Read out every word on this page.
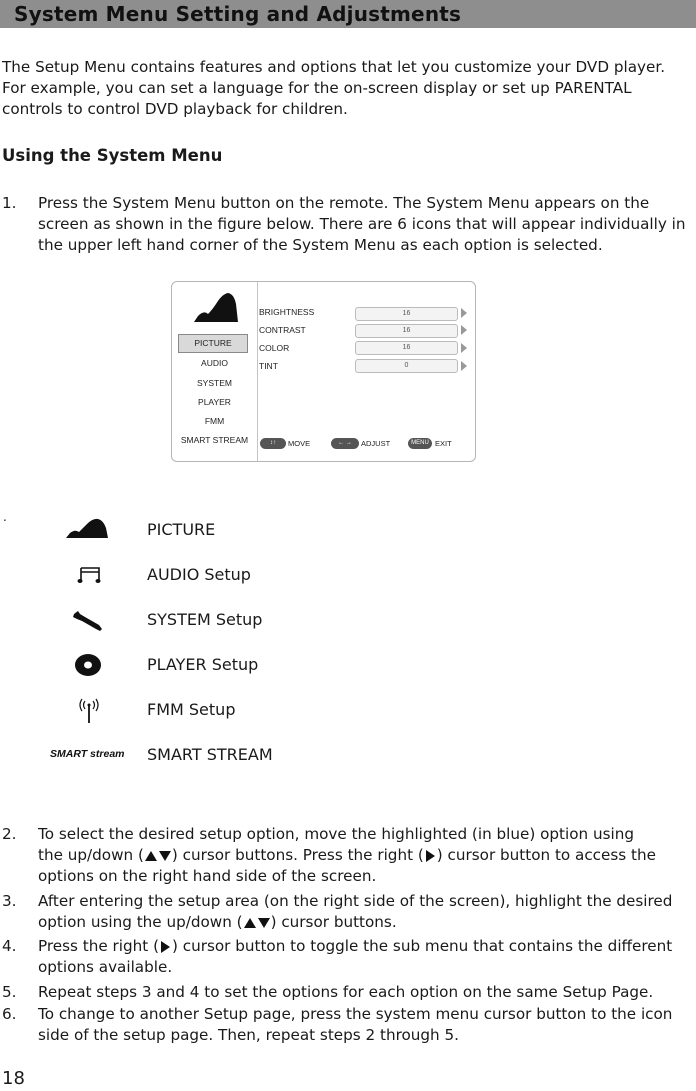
System Menu Setting and Adjustments
The Setup Menu contains features and options that let you customize your DVD player.
For example, you can set a language for the on-screen display or set up PARENTAL
controls to control DVD playback for children.
Using the System Menu
1. Press the System Menu button on the remote. The System Menu appears on the
screen as shown in the figure below. There are 6 icons that will appear individually in
the upper left hand corner of the System Menu as each option is selected.
PICTURE
AUDIO
SYSTEM
PLAYER
FMM
SMART STREAM
BRIGHTNESS	16
CONTRAST	16
COLOR	16
TINT	0
↕↑	MOVE	← →	ADJUST	MENU EXIT
.
PICTURE
AUDIO Setup
SYSTEM Setup
PLAYER Setup
FMM Setup
SMART stream SMART STREAM
2. To select the desired setup option, move the highlighted (in blue) option using
the up/down ( ) cursor buttons. Press the right ( ) cursor button to access the
options on the right hand side of the screen.
3. After entering the setup area (on the right side of the screen), highlight the desired
option using the up/down ( ) cursor buttons.
4. Press the right ( ) cursor button to toggle the sub menu that contains the different
options available.
5. Repeat steps 3 and 4 to set the options for each option on the same Setup Page.
6. To change to another Setup page, press the system menu cursor button to the icon
side of the setup page. Then, repeat steps 2 through 5.
18
